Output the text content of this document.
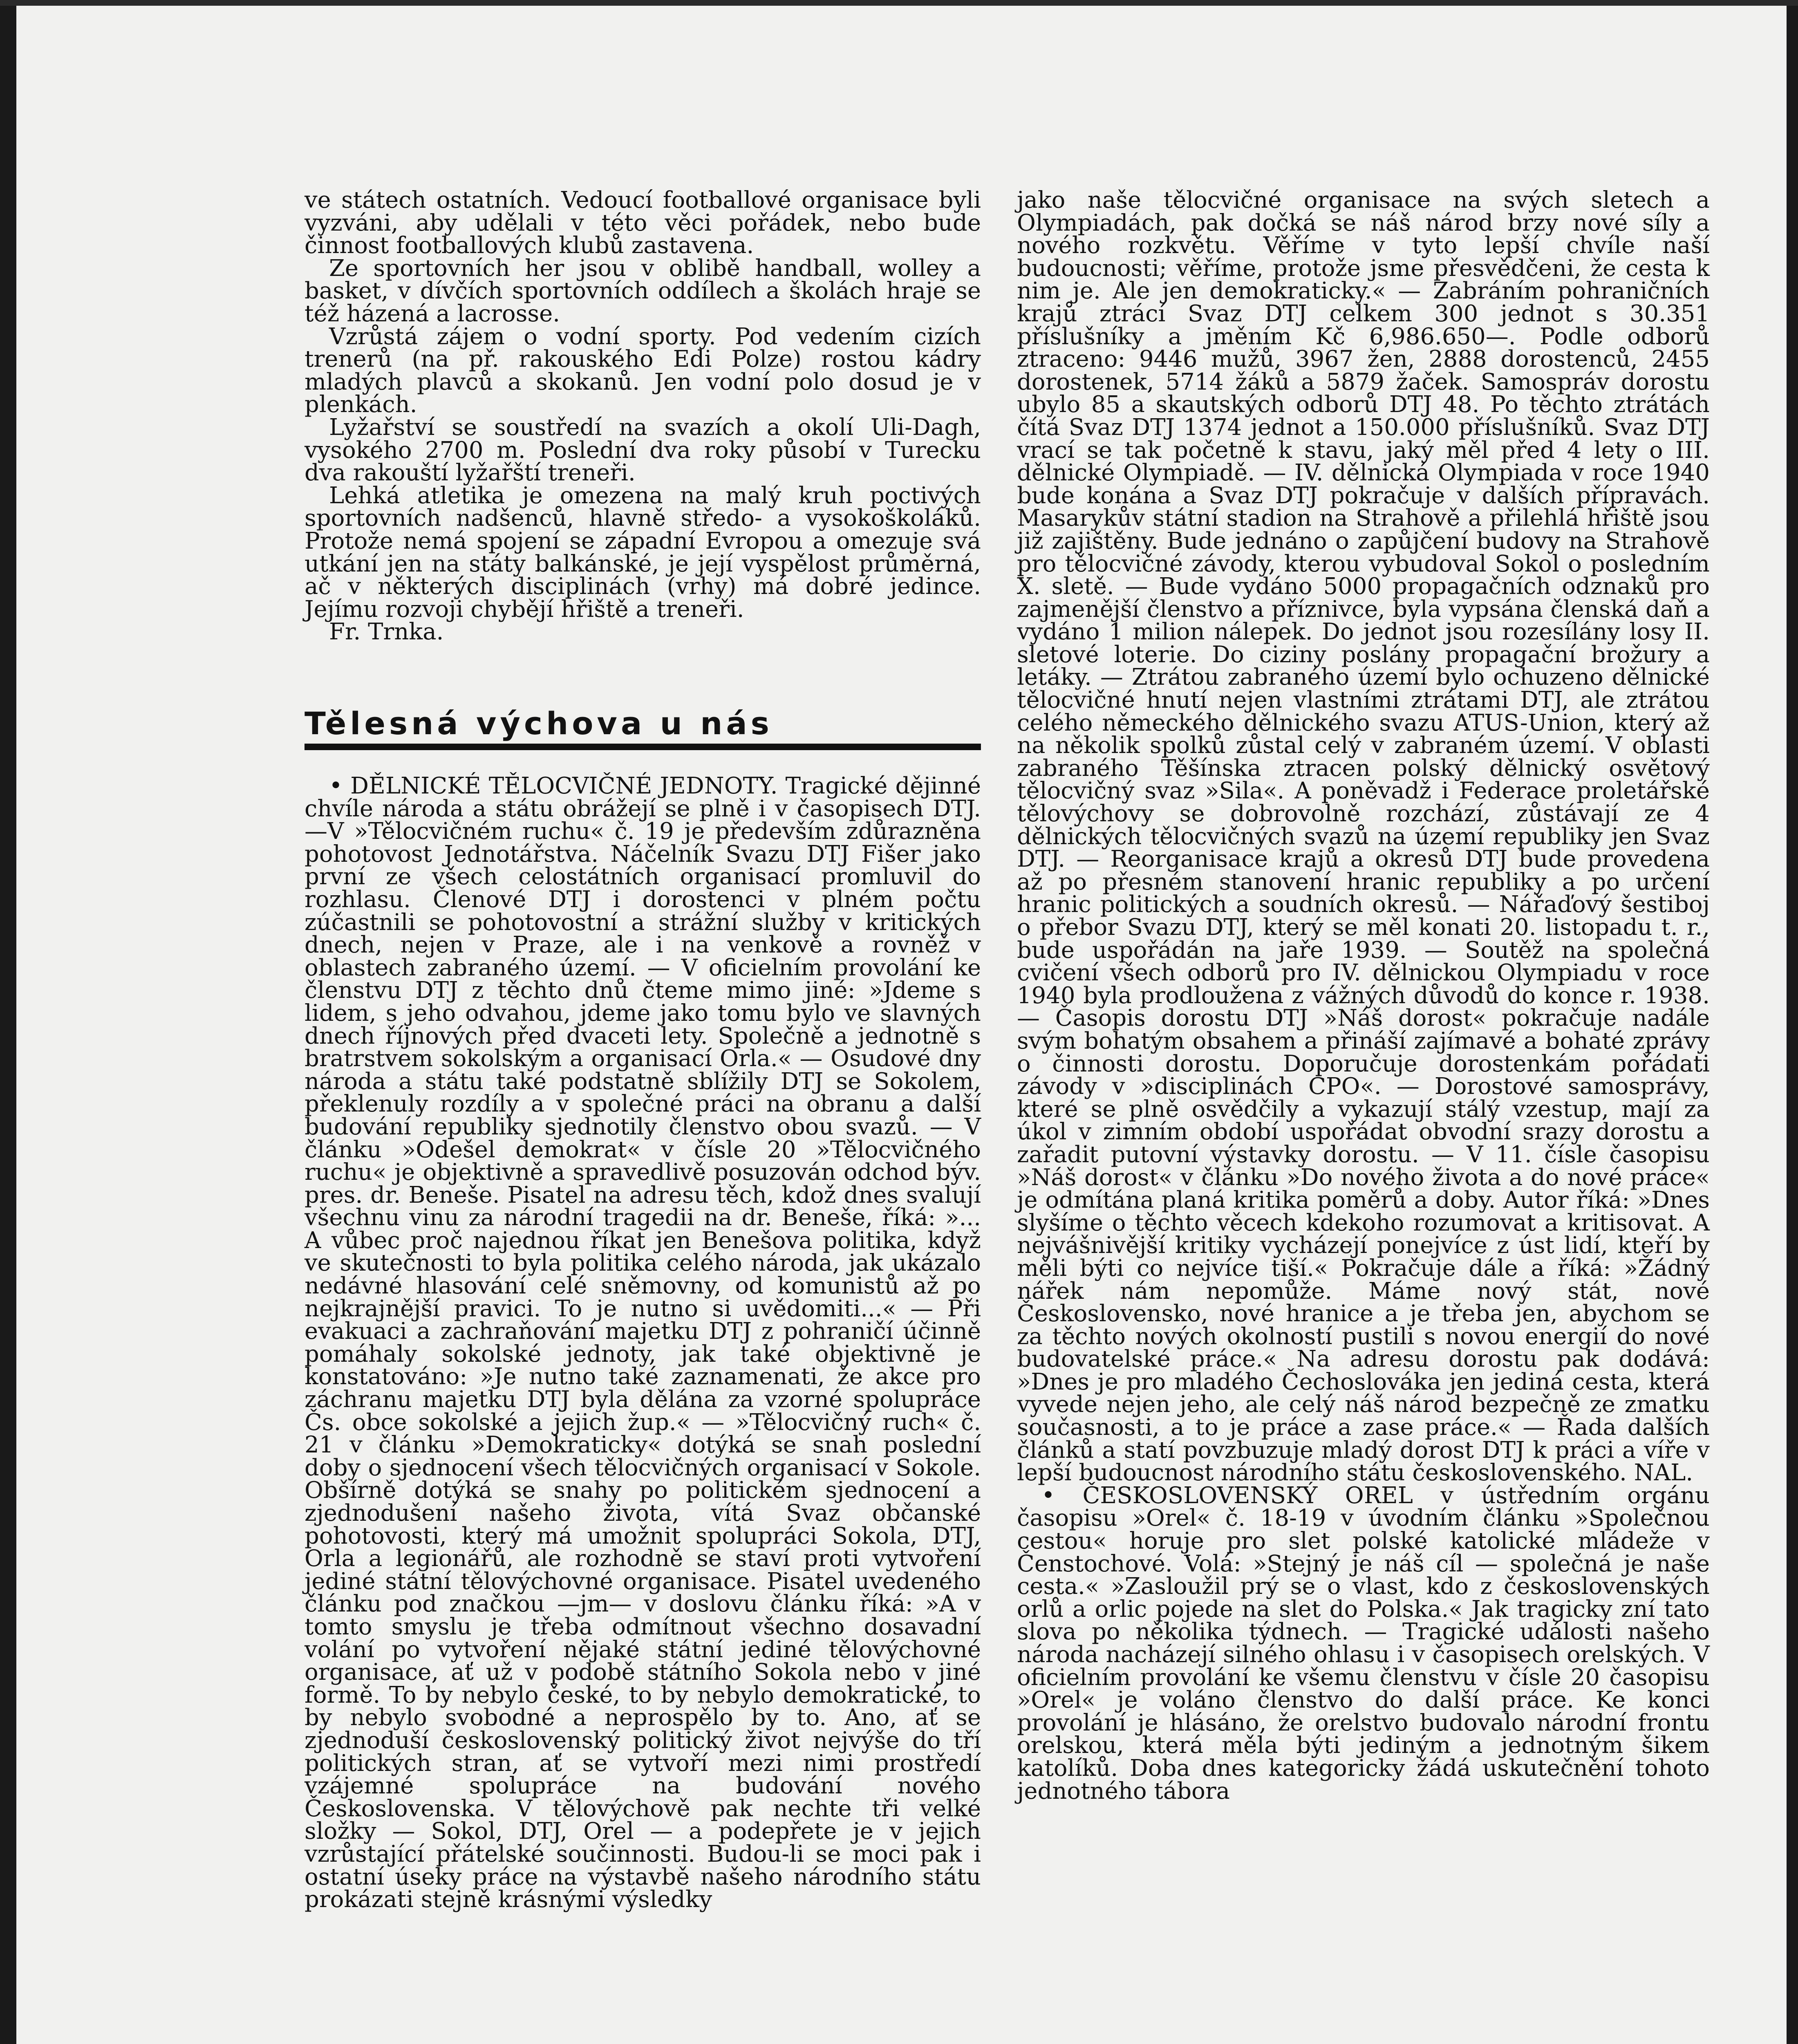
ve státech ostatních. Vedoucí footballové organisace byli vyzváni, aby udělali v této věci pořádek, nebo bude činnost footballových klubů zastavena.

Ze sportovních her jsou v oblibě handball, wolley a basket, v dívčích sportovních oddílech a školách hraje se též házená a lacrosse.

Vzrůstá zájem o vodní sporty. Pod vedením cizích trenerů (na př. rakouského Edi Polze) rostou kádry mladých plavců a skokanů. Jen vodní polo dosud je v plenkách.

Lyžařství se soustředí na svazích a okolí Uli-Dagh, vysokého 2700 m. Poslední dva roky působí v Turecku dva rakouští lyžařští treneři.

Lehká atletika je omezena na malý kruh poctivých sportovních nadšenců, hlavně středo- a vysokoškoláků. Protože nemá spojení se západní Evropou a omezuje svá utkání jen na státy balkánské, je její vyspělost průměrná, ač v některých disciplinách (vrhy) má dobré jedince. Jejímu rozvoji chybějí hřiště a treneři.

Fr. Trnka.

Tělesná výchova u nás

• DĚLNICKÉ TĚLOCVIČNÉ JEDNOTY. Tragické dějinné chvíle národa a státu obrážejí se plně i v časopisech DTJ.—V »Tělocvičném ruchu« č. 19 je především zdůrazněna pohotovost Jednotářstva. Náčelník Svazu DTJ Fišer jako první ze všech celostátních organisací promluvil do rozhlasu. Členové DTJ i dorostenci v plném počtu zúčastnili se pohotovostní a strážní služby v kritických dnech, nejen v Praze, ale i na venkově a rovněž v oblastech zabraného území. — V oficielním provolání ke členstvu DTJ z těchto dnů čteme mimo jiné: »Jdeme s lidem, s jeho odvahou, jdeme jako tomu bylo ve slavných dnech říjnových před dvaceti lety. Společně a jednotně s bratrstvem sokolským a organisací Orla.« — Osudové dny národa a státu také podstatně sblížily DTJ se Sokolem, překlenuly rozdíly a v společné práci na obranu a další budování republiky sjednotily členstvo obou svazů. — V článku »Odešel demokrat« v čísle 20 »Tělocvičného ruchu« je objektivně a spravedlivě posuzován odchod býv. pres. dr. Beneše. Pisatel na adresu těch, kdož dnes svalují všechnu vinu za národní tragedii na dr. Beneše, říká: »... A vůbec proč najednou říkat jen Benešova politika, když ve skutečnosti to byla politika celého národa, jak ukázalo nedávné hlasování celé sněmovny, od komunistů až po nejkrajnější pravici. To je nutno si uvědomiti...« — Při evakuaci a zachraňování majetku DTJ z pohraničí účinně pomáhaly sokolské jednoty, jak také objektivně je konstatováno: »Je nutno také zaznamenati, že akce pro záchranu majetku DTJ byla dělána za vzorné spolupráce Čs. obce sokolské a jejich žup.« — »Tělocvičný ruch« č. 21 v článku »Demokraticky« dotýká se snah poslední doby o sjednocení všech tělocvičných organisací v Sokole. Obšírně dotýká se snahy po politickém sjednocení a zjednodušení našeho života, vítá Svaz občanské pohotovosti, který má umožnit spolupráci Sokola, DTJ, Orla a legionářů, ale rozhodně se staví proti vytvoření jediné státní tělovýchovné organisace. Pisatel uvedeného článku pod značkou —jm— v doslovu článku říká: »A v tomto smyslu je třeba odmítnout všechno dosavadní volání po vytvoření nějaké státní jediné tělovýchovné organisace, ať už v podobě státního Sokola nebo v jiné formě. To by nebylo české, to by nebylo demokratické, to by nebylo svobodné a neprospělo by to. Ano, ať se zjednoduší československý politický život nejvýše do tří politických stran, ať se vytvoří mezi nimi prostředí vzájemné spolupráce na budování nového Československa. V tělovýchově pak nechte tři velké složky — Sokol, DTJ, Orel — a podepřete je v jejich vzrůstající přátelské součinnosti. Budou-li se moci pak i ostatní úseky práce na výstavbě našeho národního státu prokázati stejně krásnými výsledky

jako naše tělocvičné organisace na svých sletech a Olympiadách, pak dočká se náš národ brzy nové síly a nového rozkvětu. Věříme v tyto lepší chvíle naší budoucnosti; věříme, protože jsme přesvědčeni, že cesta k nim je. Ale jen demokraticky.« — Zabráním pohraničních krajů ztrácí Svaz DTJ celkem 300 jednot s 30.351 příslušníky a jměním Kč 6,986.650—. Podle odborů ztraceno: 9446 mužů, 3967 žen, 2888 dorostenců, 2455 dorostenek, 5714 žáků a 5879 žaček. Samospráv dorostu ubylo 85 a skautských odborů DTJ 48. Po těchto ztrátách čítá Svaz DTJ 1374 jednot a 150.000 příslušníků. Svaz DTJ vrací se tak početně k stavu, jaký měl před 4 lety o III. dělnické Olympiadě. — IV. dělnická Olympiada v roce 1940 bude konána a Svaz DTJ pokračuje v dalších přípravách. Masarykův státní stadion na Strahově a přilehlá hřiště jsou již zajištěny. Bude jednáno o zapůjčení budovy na Strahově pro tělocvičné závody, kterou vybudoval Sokol o posledním X. sletě. — Bude vydáno 5000 propagačních odznaků pro zajmenější členstvo a příznivce, byla vypsána členská daň a vydáno 1 milion nálepek. Do jednot jsou rozesílány losy II. sletové loterie. Do ciziny poslány propagační brožury a letáky. — Ztrátou zabraného území bylo ochuzeno dělnické tělocvičné hnutí nejen vlastními ztrátami DTJ, ale ztrátou celého německého dělnického svazu ATUS-Union, který až na několik spolků zůstal celý v zabraném území. V oblasti zabraného Těšínska ztracen polský dělnický osvětový tělocvičný svaz »Sila«. A poněvadž i Federace proletářské tělovýchovy se dobrovolně rozchází, zůstávají ze 4 dělnických tělocvičných svazů na území republiky jen Svaz DTJ. — Reorganisace krajů a okresů DTJ bude provedena až po přesném stanovení hranic republiky a po určení hranic politických a soudních okresů. — Nářaďový šestiboj o přebor Svazu DTJ, který se měl konati 20. listopadu t. r., bude uspořádán na jaře 1939. — Soutěž na společná cvičení všech odborů pro IV. dělnickou Olympiadu v roce 1940 byla prodloužena z vážných důvodů do konce r. 1938. — Časopis dorostu DTJ »Náš dorost« pokračuje nadále svým bohatým obsahem a přináší zajímavé a bohaté zprávy o činnosti dorostu. Doporučuje dorostenkám pořádati závody v »disciplinách CPO«. — Dorostové samosprávy, které se plně osvědčily a vykazují stálý vzestup, mají za úkol v zimním období uspořádat obvodní srazy dorostu a zařadit putovní výstavky dorostu. — V 11. čísle časopisu »Náš dorost« v článku »Do nového života a do nové práce« je odmítána planá kritika poměrů a doby. Autor říká: »Dnes slyšíme o těchto věcech kdekoho rozumovat a kritisovat. A nejvášnivější kritiky vycházejí ponejvíce z úst lidí, kteří by měli býti co nejvíce tiší.« Pokračuje dále a říká: »Žádný nářek nám nepomůže. Máme nový stát, nové Československo, nové hranice a je třeba jen, abychom se za těchto nových okolností pustili s novou energií do nové budovatelské práce.« Na adresu dorostu pak dodává: »Dnes je pro mladého Čechoslováka jen jediná cesta, která vyvede nejen jeho, ale celý náš národ bezpečně ze zmatku současnosti, a to je práce a zase práce.« — Řada dalších článků a statí povzbuzuje mladý dorost DTJ k práci a víře v lepší budoucnost národního státu československého. NAL.

• ČESKOSLOVENSKÝ OREL v ústředním orgánu časopisu »Orel« č. 18-19 v úvodním článku »Společnou cestou« horuje pro slet polské katolické mládeže v Čenstochové. Volá: »Stejný je náš cíl — společná je naše cesta.« »Zasloužil prý se o vlast, kdo z československých orlů a orlic pojede na slet do Polska.« Jak tragicky zní tato slova po několika týdnech. — Tragické události našeho národa nacházejí silného ohlasu i v časopisech orelských. V oficielním provolání ke všemu členstvu v čísle 20 časopisu »Orel« je voláno členstvo do další práce. Ke konci provolání je hlásáno, že orelstvo budovalo národní frontu orelskou, která měla býti jediným a jednotným šikem katolíků. Doba dnes kategoricky žádá uskutečnění tohoto jednotného tábora
